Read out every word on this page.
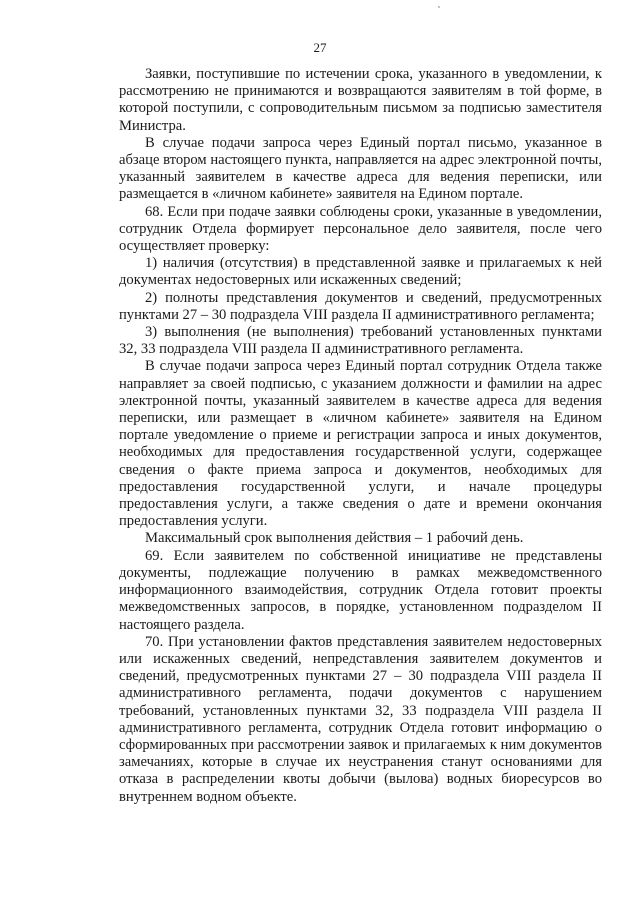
27

Заявки, поступившие по истечении срока, указанного в уведомлении, к рассмотрению не принимаются и возвращаются заявителям в той форме, в которой поступили, с сопроводительным письмом за подписью заместителя Министра.

В случае подачи запроса через Единый портал письмо, указанное в абзаце втором настоящего пункта, направляется на адрес электронной почты, указанный заявителем в качестве адреса для ведения переписки, или размещается в «личном кабинете» заявителя на Едином портале.

68. Если при подаче заявки соблюдены сроки, указанные в уведомлении, сотрудник Отдела формирует персональное дело заявителя, после чего осуществляет проверку:

1) наличия (отсутствия) в представленной заявке и прилагаемых к ней документах недостоверных или искаженных сведений;

2) полноты представления документов и сведений, предусмотренных пунктами 27 – 30 подраздела VIII раздела II административного регламента;

3) выполнения (не выполнения) требований установленных пунктами 32, 33 подраздела VIII раздела II административного регламента.

В случае подачи запроса через Единый портал сотрудник Отдела также направляет за своей подписью, с указанием должности и фамилии на адрес электронной почты, указанный заявителем в качестве адреса для ведения переписки, или размещает в «личном кабинете» заявителя на Едином портале уведомление о приеме и регистрации запроса и иных документов, необходимых для предоставления государственной услуги, содержащее сведения о факте приема запроса и документов, необходимых для предоставления государственной услуги, и начале процедуры предоставления услуги, а также сведения о дате и времени окончания предоставления услуги.

Максимальный срок выполнения действия – 1 рабочий день.

69. Если заявителем по собственной инициативе не представлены документы, подлежащие получению в рамках межведомственного информационного взаимодействия, сотрудник Отдела готовит проекты межведомственных запросов, в порядке, установленном подразделом II настоящего раздела.

70. При установлении фактов представления заявителем недостоверных или искаженных сведений, непредставления заявителем документов и сведений, предусмотренных пунктами 27 – 30 подраздела VIII раздела II административного регламента, подачи документов с нарушением требований, установленных пунктами 32, 33 подраздела VIII раздела II административного регламента, сотрудник Отдела готовит информацию о сформированных при рассмотрении заявок и прилагаемых к ним документов замечаниях, которые в случае их неустранения станут основаниями для отказа в распределении квоты добычи (вылова) водных биоресурсов во внутреннем водном объекте.
